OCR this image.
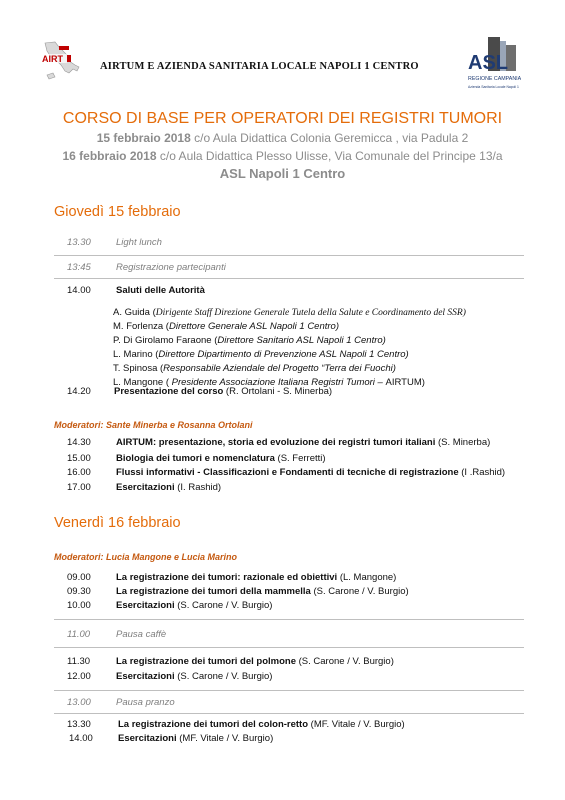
AIRT
AIRTUM E AZIENDA SANITARIA LOCALE NAPOLI 1 CENTRO ASL
REGIONE CAMPANIA
Azienda Sanitaria Locale Napoli 1
CORSO DI BASE PER OPERATORI DEI REGISTRI TUMORI
15 febbraio 2018 c/o Aula Didattica Colonia Geremicca , via Padula 2
16 febbraio 2018 c/o Aula Didattica Plesso Ulisse, Via Comunale del Principe 13/a
ASL Napoli 1 Centro
Giovedì 15 febbraio
13.30	Light lunch
13:45	Registrazione partecipanti
14.00	Saluti delle Autorità
A. Guida (Dirigente Staff Direzione Generale Tutela della Salute e Coordinamento del SSR)
M. Forlenza (Direttore Generale ASL Napoli 1 Centro)
P. Di Girolamo Faraone (Direttore Sanitario ASL Napoli 1 Centro)
L. Marino (Direttore Dipartimento di Prevenzione ASL Napoli 1 Centro)
T. Spinosa (Responsabile Aziendale del Progetto “Terra dei Fuochi)
L. Mangone ( Presidente Associazione Italiana Registri Tumori – AIRTUM)
14.20 Presentazione del corso (R. Ortolani - S. Minerba)
Moderatori: Sante Minerba e Rosanna Ortolani
14.30	AIRTUM: presentazione, storia ed evoluzione dei registri tumori italiani (S. Minerba)
15.00	Biologia dei tumori e nomenclatura (S. Ferretti)
16.00	Flussi informativi - Classificazioni e Fondamenti di tecniche di registrazione (I .Rashid)
17.00	Esercitazioni (I. Rashid)
Venerdì 16 febbraio
Moderatori: Lucia Mangone e Lucia Marino
09.00	La registrazione dei tumori: razionale ed obiettivi (L. Mangone)
09.30	La registrazione dei tumori della mammella (S. Carone / V. Burgio)
10.00	Esercitazioni (S. Carone / V. Burgio)
11.00	Pausa caffè
11.30	La registrazione dei tumori del polmone (S. Carone / V. Burgio)
12.00	Esercitazioni (S. Carone / V. Burgio)
13.00	Pausa pranzo
13.30	La registrazione dei tumori del colon-retto (MF. Vitale / V. Burgio)
14.00	Esercitazioni (MF. Vitale / V. Burgio)
